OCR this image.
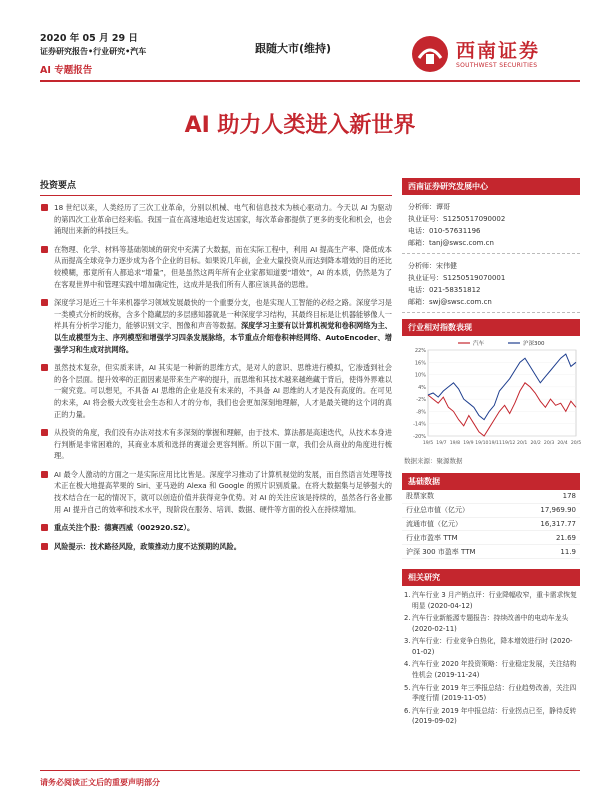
2020 年 05 月 29 日
证券研究报告•行业研究•汽车
AI 专题报告
跟随大市(维持)	西南证券
SOUTHWEST SECURITIES
AI 助力人类进入新世界
投资要点
18 世纪以来，人类经历了三次工业革命，分别以机械、电气和信息技术为核心驱动力。今天以 AI 为驱动的第四次工业革命已经来临。我国一直在高速地追赶发达国家，每次革命都提供了更多的变化和机会，也会涌现出来新的科技巨头。
在物理、化学、材料等基础领域的研究中充满了大数据，而在实际工程中，利用 AI 提高生产率、降低成本从而提高全球竞争力逐步成为各个企业的目标。如果说几年前，企业大量投资从而达到降本增效的目的还比较模糊，那竟所有人都追求“增量”，但是虽然这两年所有企业家都知道要“增效”，AI 的本质，仍然是为了在客观世界中和管理实践中增加确定性，这成并是我们所有人都应该具备的思维。
深度学习是近三十年来机器学习领域发展最快的一个重要分支，也是实现人工智能的必经之路。深度学习是一类模式分析的统称，含多个隐藏层的多层感知器就是一种深度学习结构，其最终目标是让机器能够像人一样具有分析学习能力，能够识别文字、图像和声音等数据。深度学习主要有以计算机视觉和卷积网络为主、以生成模型为主、序列模型和增强学习四条发展脉络，本节重点介绍卷积神经网络、AutoEncoder、增强学习和生成对抗网络。
虽然技术复杂，但实质来讲，AI 其实是一种新的思维方式，是对人的意识、思维进行模拟，它渗透到社会的各个层面。提升效率的正面因素是带来生产率的提升，而思维和其技术越来越绝藏于背后，使得外界难以一窥究竟。可以想见，不具备 AI 思维的企业是没有未来的，不具备 AI 思维的人才是没有高度的。在可见的未来，AI 将会极大改变社会生态和人才的分布，我们也会更加深刻地理解，人才是最关键的这个词的真正的力量。
从投资的角度，我们没有办法对技术有多深刻的掌握和理解，由于技术、算法都是高速迭代，从技术本身进行判断是非常困难的，其商业本质和选择的赛道会更容判断。所以下面一章，我们会从商业的角度进行梳理。
AI 最令人激动的方面之一是实际应用比比皆是。深度学习推动了计算机视觉的发展，而自然语言处理等技术正在极大地提高苹果的 Siri、亚马逊的 Alexa 和 Google 的照片识别质量。在将大数据集与足够强大的技术结合在一起的情况下，就可以创造价值并获得竞争优势。对 AI 的关注应该是持续的，虽然各行各业都用 AI 提升自己的效率和技术水平，现阶段在服务、培训、数据、硬件等方面的投入在持续增加。
重点关注个股：德赛西威（002920.SZ）。
风险提示：技术路径风险，政策推动力度不达预期的风险。
西南证券研究发展中心
分析师：谭哥
执业证号：S1250517090002
电话：010-57631196
邮箱：tanj@swsc.com.cn
分析师：宋伟健
执业证号：S1250519070001
电话：021-58351812
邮箱：swj@swsc.com.cn
行业相对指数表现
22%
16%
10%
4%
-2%
-8%
-14%
-20%
19/5 19/7 19/8 19/9 19/10 19/11 19/12 20/1 20/2 20/3 20/4 20/5
汽车	沪深300
数据来源：聚源数据
基础数据
股票家数	178
行业总市值（亿元）	17,969.90
流通市值（亿元）	16,317.77
行业市盈率 TTM	21.69
沪深 300 市盈率 TTM	11.9
相关研究
1. 汽车行业 3 月产销点评：行业降幅收窄，重卡需求恢复明显 (2020-04-12)
2. 汽车行业新能源专题报告：持续改善中的电动车龙头 (2020-02-11)
3. 汽车行业：行业竞争白热化，降本增效进行时 (2020-01-02)
4. 汽车行业 2020 年投资策略：行业稳定发展，关注结构性机会 (2019-11-24)
5. 汽车行业 2019 年三季报总结：行业趋势改善，关注四季度行情 (2019-11-05)
6. 汽车行业 2019 年中报总结：行业拐点已至，静待反转 (2019-09-02)
请务必阅读正文后的重要声明部分
